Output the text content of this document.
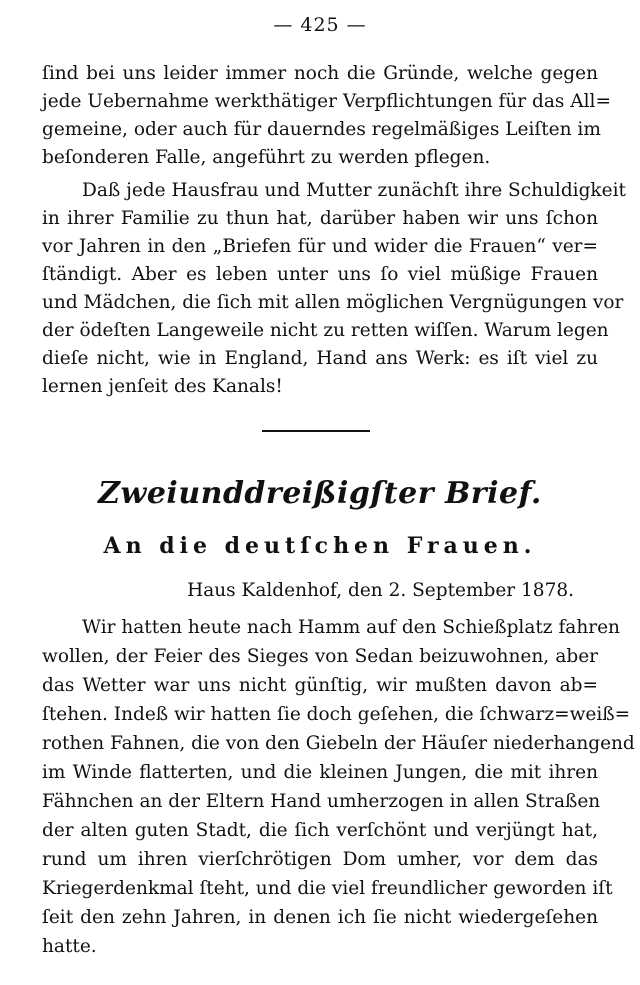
— 425 —
ſind bei uns leider immer noch die Gründe, welche gegen
jede Uebernahme werkthätiger Verpflichtungen für das All=
gemeine, oder auch für dauerndes regelmäßiges Leiſten im
beſonderen Falle, angeführt zu werden pflegen.
Daß jede Hausfrau und Mutter zunächſt ihre Schuldigkeit
in ihrer Familie zu thun hat, darüber haben wir uns ſchon
vor Jahren in den „Briefen für und wider die Frauen“ ver=
ſtändigt. Aber es leben unter uns ſo viel müßige Frauen
und Mädchen, die ſich mit allen möglichen Vergnügungen vor
der ödeſten Langeweile nicht zu retten wiſſen. Warum legen
dieſe nicht, wie in England, Hand ans Werk: es iſt viel zu
lernen jenſeit des Kanals!
Zweiunddreißigſter Brief.
An die deutſchen Frauen.
Haus Kaldenhof, den 2. September 1878.
Wir hatten heute nach Hamm auf den Schießplatz fahren
wollen, der Feier des Sieges von Sedan beizuwohnen, aber
das Wetter war uns nicht günſtig, wir mußten davon ab=
ſtehen. Indeß wir hatten ſie doch geſehen, die ſchwarz=weiß=
rothen Fahnen, die von den Giebeln der Häuſer niederhangend
im Winde flatterten, und die kleinen Jungen, die mit ihren
Fähnchen an der Eltern Hand umherzogen in allen Straßen
der alten guten Stadt, die ſich verſchönt und verjüngt hat,
rund um ihren vierſchrötigen Dom umher, vor dem das
Kriegerdenkmal ſteht, und die viel freundlicher geworden iſt
ſeit den zehn Jahren, in denen ich ſie nicht wiedergeſehen
hatte.
